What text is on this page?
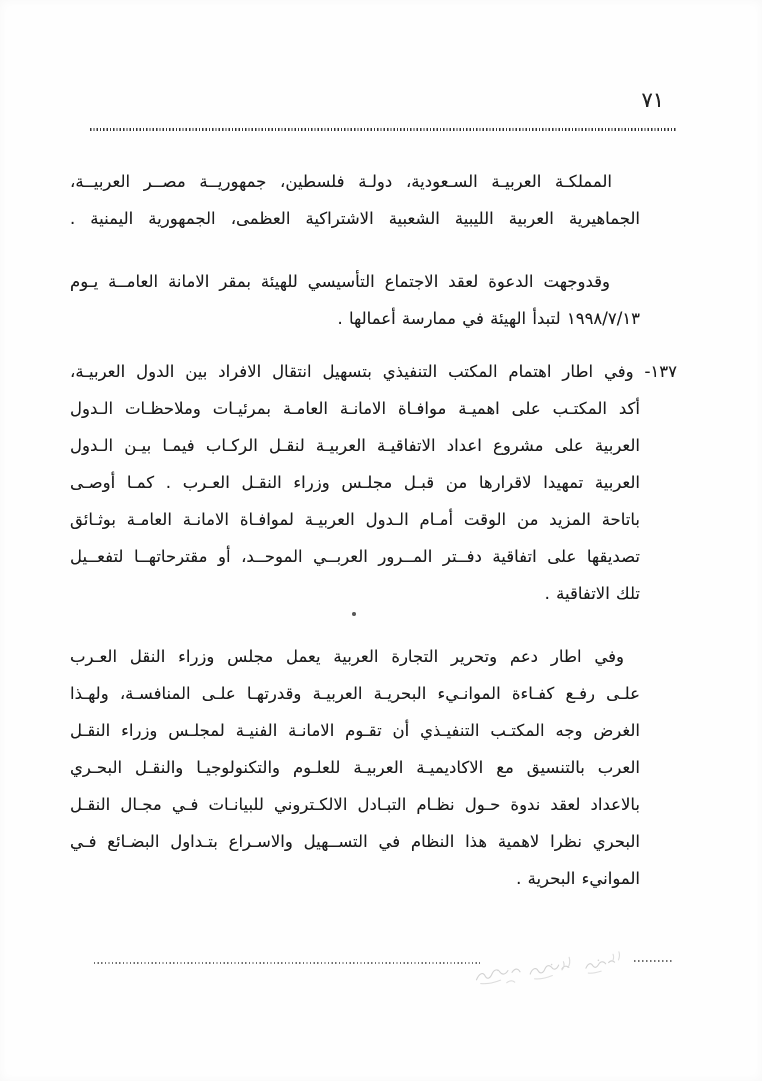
٧١
المملكـة العربيـة السـعودية، دولـة فلسطين، جمهوريــة مصــر العربيــة،
الجماهيرية العربية الليبية الشعبية الاشتراكية العظمى، الجمهورية اليمنية .
وقدوجهت الدعوة لعقد الاجتماع التأسيسي للهيئة بمقر الامانة العامــة يـوم
١٩٩٨/٧/١٣ لتبدأ الهيئة في ممارسة أعمالها .
١٣٧- وفي اطار اهتمام المكتب التنفيذي بتسهيل انتقال الافراد بين الدول العربيـة،
أكد المكتـب على اهميـة موافـاة الامانـة العامـة بمرئيـات وملاحظـات الـدول
العربية على مشروع اعداد الاتفاقيـة العربيـة لنقـل الركـاب فيمـا بيـن الـدول
العربية تمهيدا لاقرارها من قبـل مجلـس وزراء النقـل العـرب . كمـا أوصـى
باتاحة المزيد من الوقت أمـام الـدول العربيـة لموافـاة الامانـة العامـة بوثـائق
تصديقها على اتفاقية دفــتر المــرور العربــي الموحــد، أو مقترحاتهــا لتفعــيل
تلك الاتفاقية .
وفي اطار دعم وتحرير التجارة العربية يعمل مجلس وزراء النقل العـرب
علـى رفـع كفـاءة الموانـيء البحريـة العربيـة وقدرتهـا علـى المنافسـة، ولهـذا
الغرض وجه المكتـب التنفيـذي أن تقـوم الامانـة الفنيـة لمجلـس وزراء النقـل
العرب بالتنسيق مع الاكاديميـة العربيـة للعلـوم والتكنولوجيـا والنقـل البحـري
بالاعداد لعقد ندوة حـول نظـام التبـادل الالكـتروني للبيانـات فـي مجـال النقـل
البحري نظرا لاهمية هذا النظام في التســهيل والاسـراع بتـداول البضـائع فـي
الموانيء البحرية .
